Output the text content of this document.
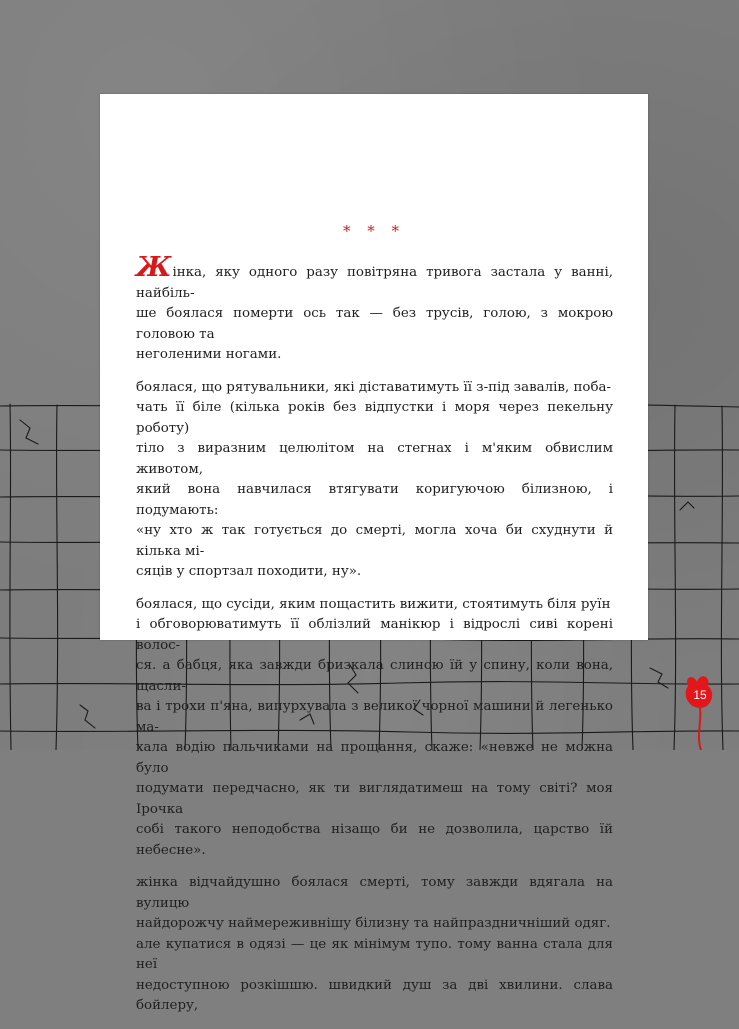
15
* * *

Жінка, яку одного разу повітряна тривога застала у ванні, найбіль-
ше боялася померти ось так — без трусів, голою, з мокрою головою та
неголеними ногами.

боялася, що рятувальники, які діставатимуть її з-під завалів, поба-
чать її біле (кілька років без відпустки і моря через пекельну роботу)
тіло з виразним целюлітом на стегнах і м'яким обвислим животом,
який вона навчилася втягувати коригуючою білизною, і подумають:
«ну хто ж так готується до смерті, могла хоча би схуднути й кілька мі-
сяців у спортзал походити, ну».

боялася, що сусіди, яким пощастить вижити, стоятимуть біля руїн
і обговорюватимуть її облізлий манікюр і відрослі сиві корені волос-
ся. а бабця, яка завжди бризкала слиною їй у спину, коли вона, щасли-
ва і трохи п'яна, випурхувала з великої чорної машини й легенько ма-
хала водію пальчиками на прощання, скаже: «невже не можна було
подумати передчасно, як ти виглядатимеш на тому світі? моя Ірочка
собі такого неподобства нізащо би не дозволила, царство їй небесне».

жінка відчайдушно боялася смерті, тому завжди вдягала на вулицю
найдорожчу наймереживнішу білизну та найпраздничніший одяг.
але купатися в одязі — це як мінімум тупо. тому ванна стала для неї
недоступною розкішшю. швидкий душ за дві хвилини. слава бойлеру,
